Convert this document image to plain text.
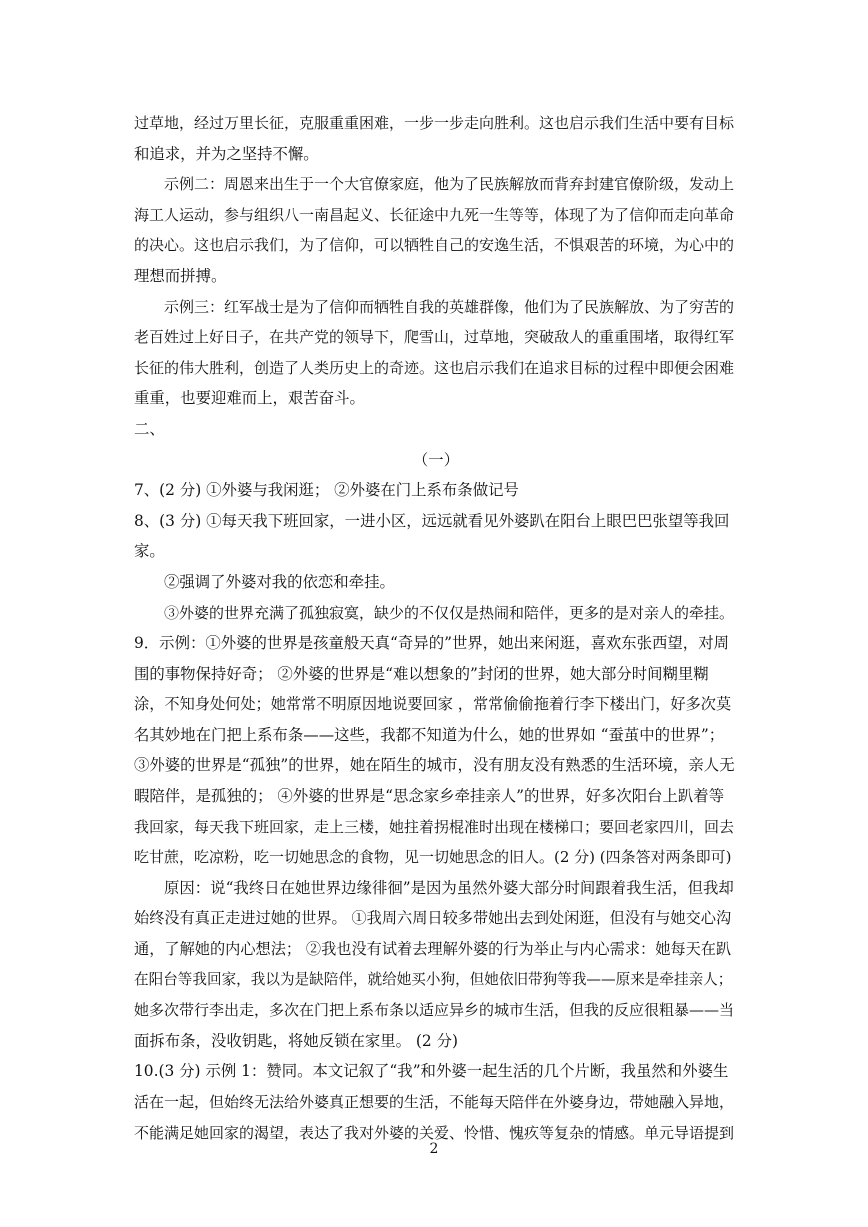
过草地，经过万里长征，克服重重困难，一步一步走向胜利。这也启示我们生活中要有目标
和追求，并为之坚持不懈。
示例二：周恩来出生于一个大官僚家庭，他为了民族解放而背弃封建官僚阶级，发动上
海工人运动，参与组织八一南昌起义、长征途中九死一生等等，体现了为了信仰而走向革命
的决心。这也启示我们，为了信仰，可以牺牲自己的安逸生活，不惧艰苦的环境，为心中的
理想而拼搏。
示例三：红军战士是为了信仰而牺牲自我的英雄群像，他们为了民族解放、为了穷苦的
老百姓过上好日子，在共产党的领导下，爬雪山，过草地，突破敌人的重重围堵，取得红军
长征的伟大胜利，创造了人类历史上的奇迹。这也启示我们在追求目标的过程中即便会困难
重重，也要迎难而上，艰苦奋斗。
二、
（一）
7、(2 分) ①外婆与我闲逛； ②外婆在门上系布条做记号
8、(3 分) ①每天我下班回家，一进小区，远远就看见外婆趴在阳台上眼巴巴张望等我回
家。
②强调了外婆对我的依恋和牵挂。
③外婆的世界充满了孤独寂寞，缺少的不仅仅是热闹和陪伴，更多的是对亲人的牵挂。
9．示例：①外婆的世界是孩童般天真“奇异的”世界，她出来闲逛，喜欢东张西望，对周
围的事物保持好奇； ②外婆的世界是“难以想象的”封闭的世界，她大部分时间糊里糊
涂，不知身处何处；她常常不明原因地说要回家 ，常常偷偷拖着行李下楼出门，好多次莫
名其妙地在门把上系布条——这些，我都不知道为什么，她的世界如 “蚕茧中的世界”；
③外婆的世界是“孤独”的世界，她在陌生的城市，没有朋友没有熟悉的生活环境，亲人无
暇陪伴，是孤独的； ④外婆的世界是“思念家乡牵挂亲人”的世界，好多次阳台上趴着等
我回家，每天我下班回家，走上三楼，她拄着拐棍准时出现在楼梯口；要回老家四川，回去
吃甘蔗，吃凉粉，吃一切她思念的食物，见一切她思念的旧人。(2 分) (四条答对两条即可)
原因：说“我终日在她世界边缘徘徊”是因为虽然外婆大部分时间跟着我生活，但我却
始终没有真正走进过她的世界。 ①我周六周日较多带她出去到处闲逛，但没有与她交心沟
通，了解她的内心想法； ②我也没有试着去理解外婆的行为举止与内心需求：她每天在趴
在阳台等我回家，我以为是缺陪伴，就给她买小狗，但她依旧带狗等我——原来是牵挂亲人；
她多次带行李出走，多次在门把上系布条以适应异乡的城市生活，但我的反应很粗暴——当
面拆布条，没收钥匙，将她反锁在家里。 (2 分)
10.(3 分) 示例 1：赞同。本文记叙了“我”和外婆一起生活的几个片断，我虽然和外婆生
活在一起，但始终无法给外婆真正想要的生活，不能每天陪伴在外婆身边，带她融入异地，
不能满足她回家的渴望，表达了我对外婆的关爱、怜惜、愧疚等复杂的情感。单元导语提到
2
